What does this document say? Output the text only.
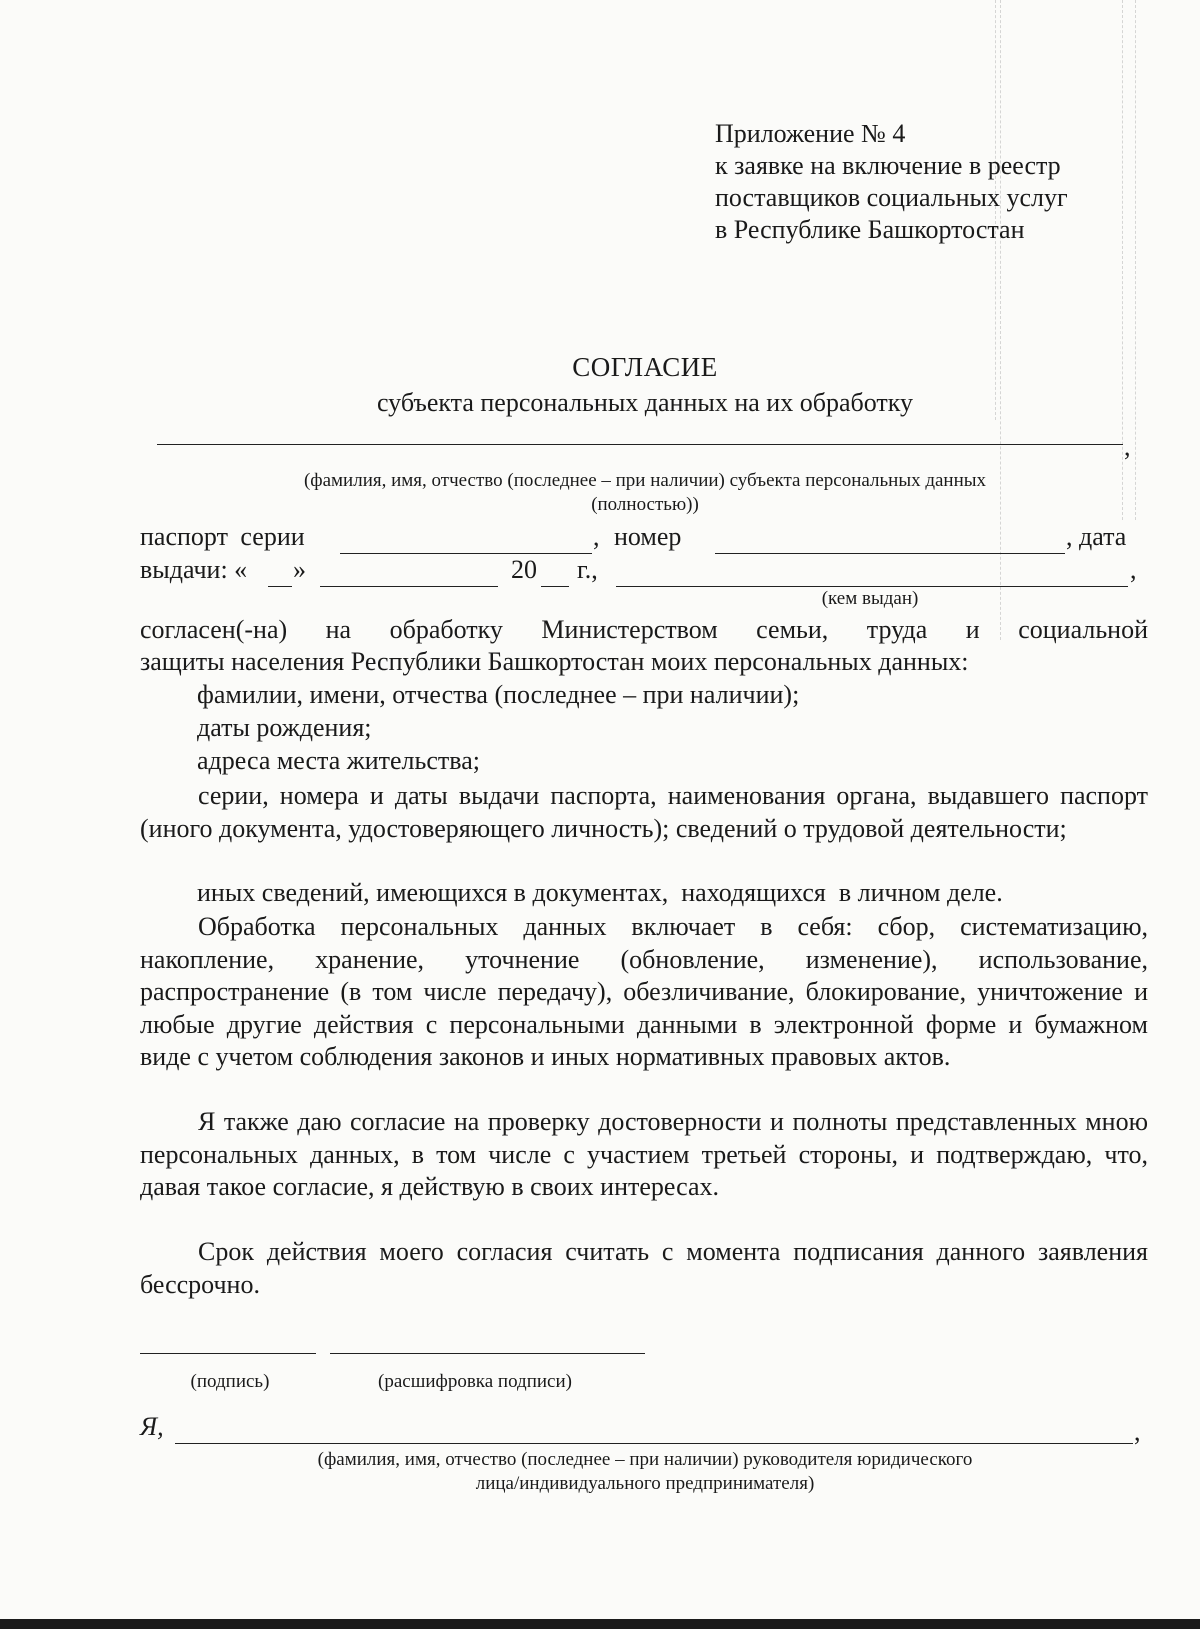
Приложение № 4
к заявке на включение в реестр
поставщиков социальных услуг
в Республике Башкортостан
СОГЛАСИЕ
субъекта персональных данных на их обработку
,
(фамилия, имя, отчество (последнее – при наличии) субъекта персональных данных
(полностью))
паспорт серии	, номер	, дата
выдачи: « »	20 г.,	,
(кем выдан)
согласен(-на) на обработку Министерством семьи, труда и социальной
защиты населения Республики Башкортостан моих персональных данных:
фамилии, имени, отчества (последнее – при наличии);
даты рождения;
адреса места жительства;
серии, номера и даты выдачи паспорта, наименования органа, выдавшего паспорт (иного документа, удостоверяющего личность); сведений о трудовой деятельности;
иных сведений, имеющихся в документах,  находящихся  в личном деле.
Обработка персональных данных включает в себя: сбор, систематизацию, накопление, хранение, уточнение (обновление, изменение), использование, распространение (в том числе передачу), обезличивание, блокирование, уничтожение и любые другие действия с персональными данными в электронной форме и бумажном виде с учетом соблюдения законов и иных нормативных правовых актов.
Я также даю согласие на проверку достоверности и полноты представленных мною персональных данных, в том числе с участием третьей стороны, и подтверждаю, что, давая такое согласие, я действую в своих интересах.
Срок действия моего согласия считать с момента подписания данного заявления бессрочно.
(подпись)	(расшифровка подписи)
Я,	,
(фамилия, имя, отчество (последнее – при наличии) руководителя юридического
лица/индивидуального предпринимателя)
